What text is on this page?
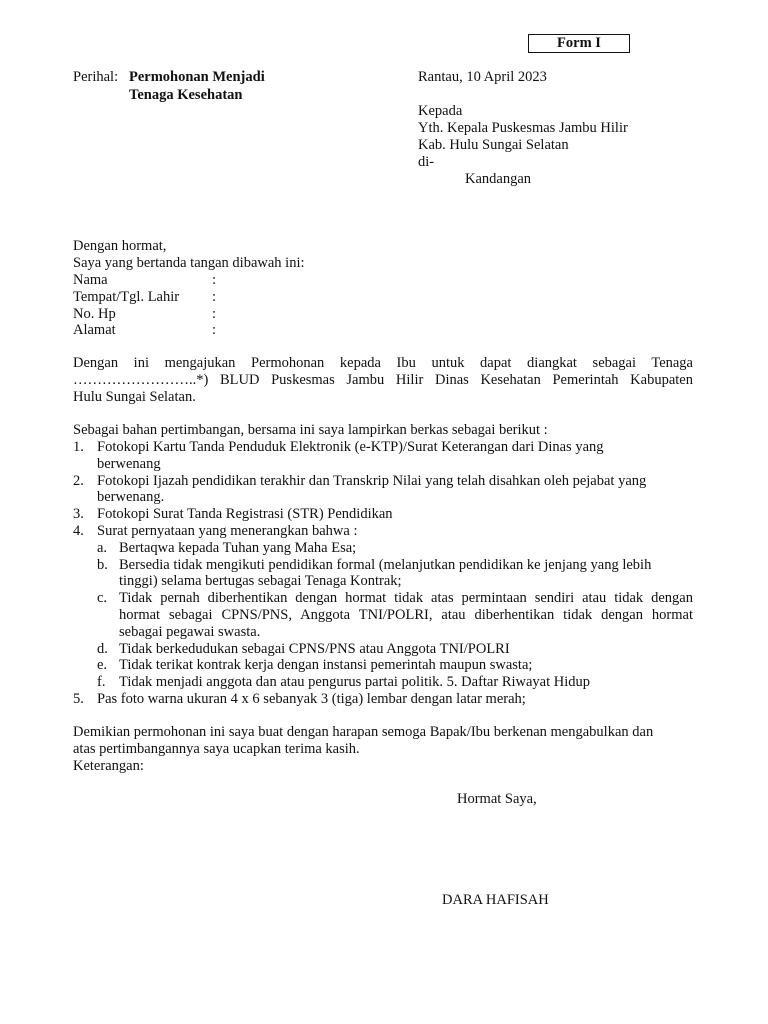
Form I
Perihal: Permohonan Menjadi
Tenaga Kesehatan
Rantau, 10 April 2023
Kepada
Yth. Kepala Puskesmas Jambu Hilir
Kab. Hulu Sungai Selatan
di-
Kandangan
Dengan hormat,
Saya yang bertanda tangan dibawah ini:
Nama	:
Tempat/Tgl. Lahir :
No. Hp	:
Alamat	:
Dengan ini mengajukan Permohonan kepada Ibu untuk dapat diangkat sebagai Tenaga
……………………..*) BLUD Puskesmas Jambu Hilir Dinas Kesehatan Pemerintah Kabupaten
Hulu Sungai Selatan.
Sebagai bahan pertimbangan, bersama ini saya lampirkan berkas sebagai berikut :
1. Fotokopi Kartu Tanda Penduduk Elektronik (e-KTP)/Surat Keterangan dari Dinas yang
berwenang
2. Fotokopi Ijazah pendidikan terakhir dan Transkrip Nilai yang telah disahkan oleh pejabat yang
berwenang.
3. Fotokopi Surat Tanda Registrasi (STR) Pendidikan
4. Surat pernyataan yang menerangkan bahwa :
a. Bertaqwa kepada Tuhan yang Maha Esa;
b. Bersedia tidak mengikuti pendidikan formal (melanjutkan pendidikan ke jenjang yang lebih
tinggi) selama bertugas sebagai Tenaga Kontrak;
c. Tidak pernah diberhentikan dengan hormat tidak atas permintaan sendiri atau tidak dengan
hormat sebagai CPNS/PNS, Anggota TNI/POLRI, atau diberhentikan tidak dengan hormat
sebagai pegawai swasta.
d. Tidak berkedudukan sebagai CPNS/PNS atau Anggota TNI/POLRI
e. Tidak terikat kontrak kerja dengan instansi pemerintah maupun swasta;
f. Tidak menjadi anggota dan atau pengurus partai politik. 5. Daftar Riwayat Hidup
5. Pas foto warna ukuran 4 x 6 sebanyak 3 (tiga) lembar dengan latar merah;
Demikian permohonan ini saya buat dengan harapan semoga Bapak/Ibu berkenan mengabulkan dan
atas pertimbangannya saya ucapkan terima kasih.
Keterangan:
Hormat Saya,
DARA HAFISAH
